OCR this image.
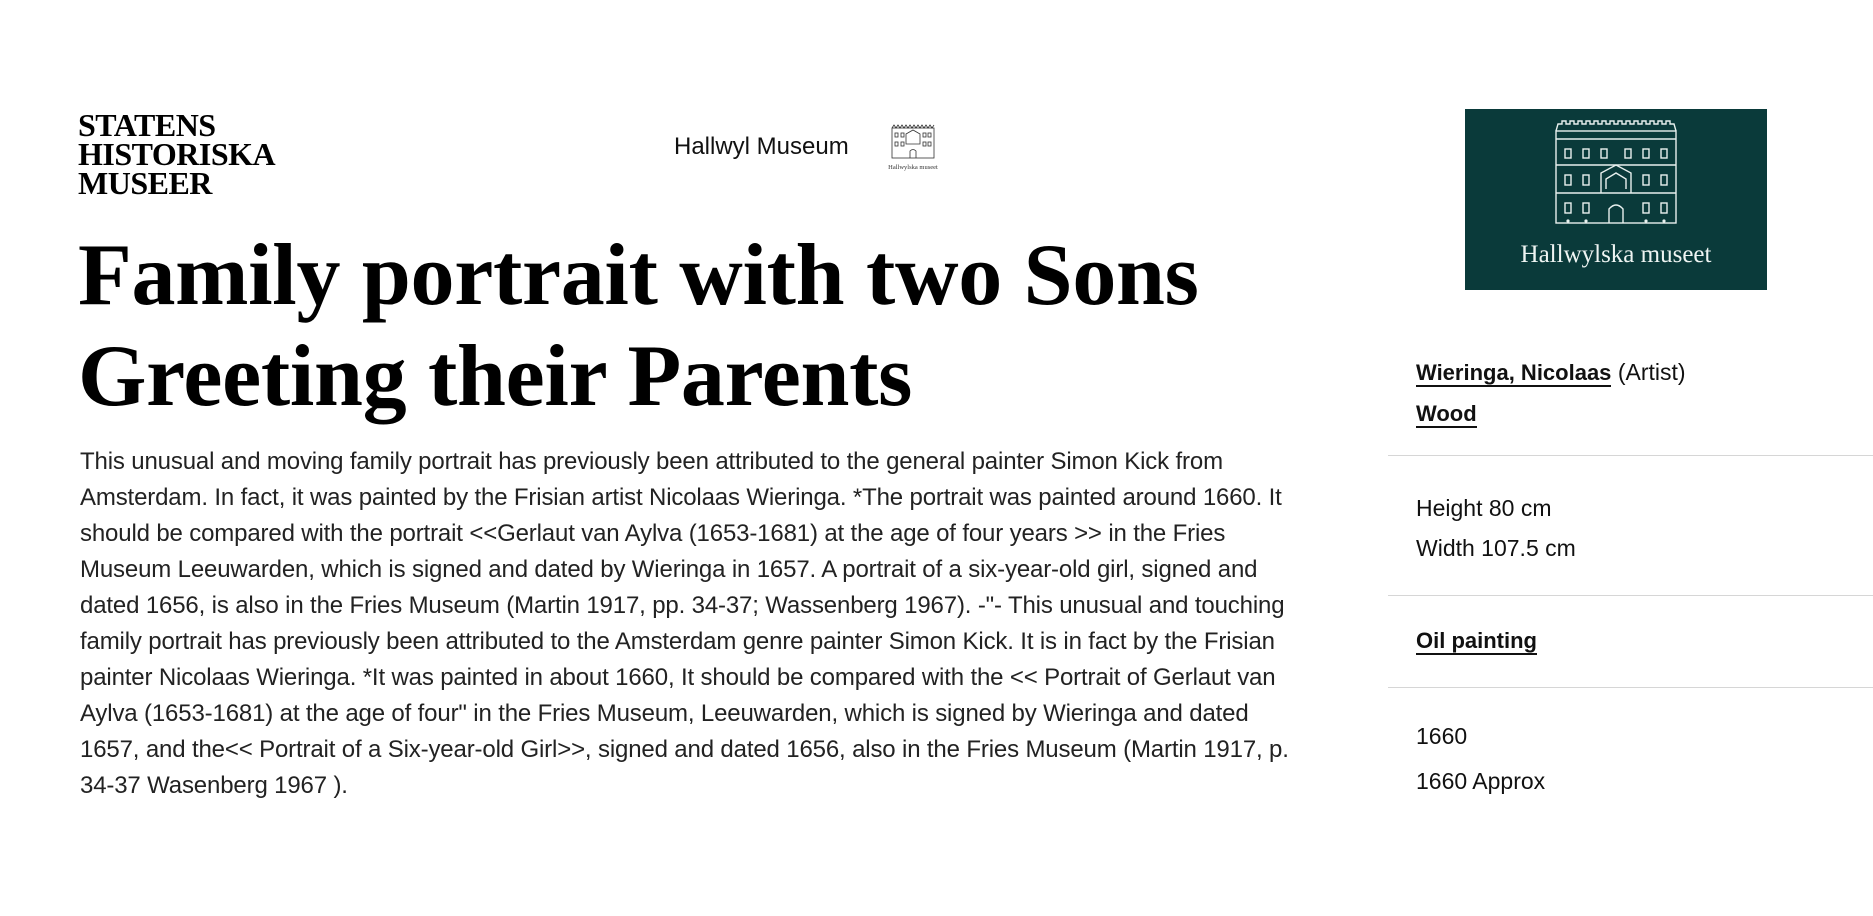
STATENS
HISTORISKA
MUSEER
Hallwyl Museum
Hallwylska museet
Family portrait with two Sons Greeting their Parents

This unusual and moving family portrait has previously been attributed to the general painter Simon Kick from Amsterdam. In fact, it was painted by the Frisian artist Nicolaas Wieringa. *The portrait was painted around 1660. It should be compared with the portrait <<Gerlaut van Aylva (1653-1681) at the age of four years >> in the Fries Museum Leeuwarden, which is signed and dated by Wieringa in 1657. A portrait of a six-year-old girl, signed and dated 1656, is also in the Fries Museum (Martin 1917, pp. 34-37; Wassenberg 1967). -"- This unusual and touching family portrait has previously been attributed to the Amsterdam genre painter Simon Kick. It is in fact by the Frisian painter Nicolaas Wieringa. *It was painted in about 1660, It should be compared with the << Portrait of Gerlaut van Aylva (1653-1681) at the age of four" in the Fries Museum, Leeuwarden, which is signed by Wieringa and dated 1657, and the<< Portrait of a Six-year-old Girl>>, signed and dated 1656, also in the Fries Museum (Martin 1917, p. 34-37 Wasenberg 1967 ).

Hallwylska museet
Wieringa, Nicolaas (Artist)
Wood
Height 80 cm
Width 107.5 cm
Oil painting
1660
1660 Approx
